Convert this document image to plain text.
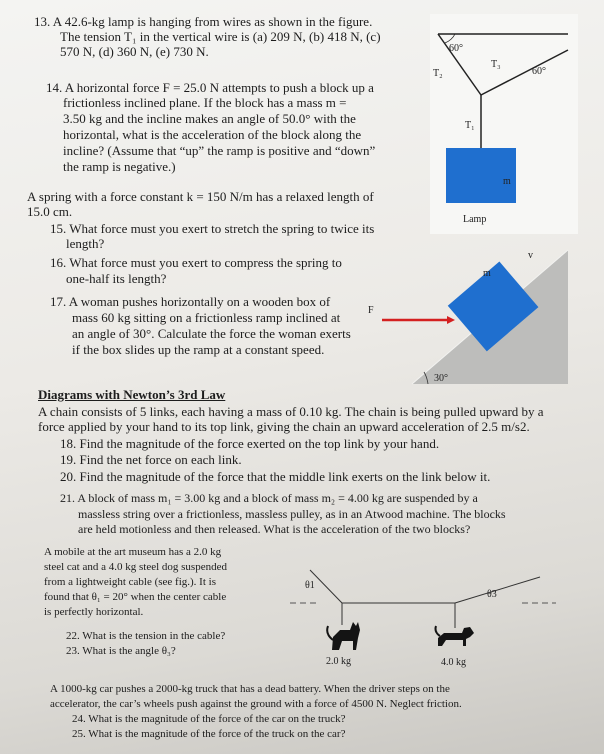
13. A 42.6-kg lamp is hanging from wires as shown in the figure.
The tension T₁ in the vertical wire is (a) 209 N, (b) 418 N, (c)
570 N, (d) 360 N, (e) 730 N.
14. A horizontal force F = 25.0 N attempts to push a block up a
frictionless inclined plane. If the block has a mass m =
3.50 kg and the incline makes an angle of 50.0° with the
horizontal, what is the acceleration of the block along the
incline? (Assume that “up” the ramp is positive and “down”
the ramp is negative.)
A spring with a force constant k = 150 N/m has a relaxed length of
15.0 cm.
15. What force must you exert to stretch the spring to twice its
length?
16. What force must you exert to compress the spring to
one-half its length?
17. A woman pushes horizontally on a wooden box of
mass 60 kg sitting on a frictionless ramp inclined at
an angle of 30°. Calculate the force the woman exerts
if the box slides up the ramp at a constant speed.
Diagrams with Newton’s 3rd Law
A chain consists of 5 links, each having a mass of 0.10 kg. The chain is being pulled upward by a
force applied by your hand to its top link, giving the chain an upward acceleration of 2.5 m/s2.
18. Find the magnitude of the force exerted on the top link by your hand.
19. Find the net force on each link.
20. Find the magnitude of the force that the middle link exerts on the link below it.
21. A block of mass m₁ = 3.00 kg and a block of mass m₂ = 4.00 kg are suspended by a
massless string over a frictionless, massless pulley, as in an Atwood machine. The blocks
are held motionless and then released. What is the acceleration of the two blocks?
A mobile at the art museum has a 2.0 kg
steel cat and a 4.0 kg steel dog suspended
from a lightweight cable (see fig.). It is
found that θ₁ = 20° when the center cable
is perfectly horizontal.
22. What is the tension in the cable?
23. What is the angle θ₃?
A 1000-kg car pushes a 2000-kg truck that has a dead battery. When the driver steps on the
accelerator, the car’s wheels push against the ground with a force of 4500 N. Neglect friction.
24. What is the magnitude of the force of the car on the truck?
25. What is the magnitude of the force of the truck on the car?
60°
60°
T₂
T₃
T₁
m
Lamp
m
v
F
30°
θ1
θ3
2.0 kg	4.0 kg
